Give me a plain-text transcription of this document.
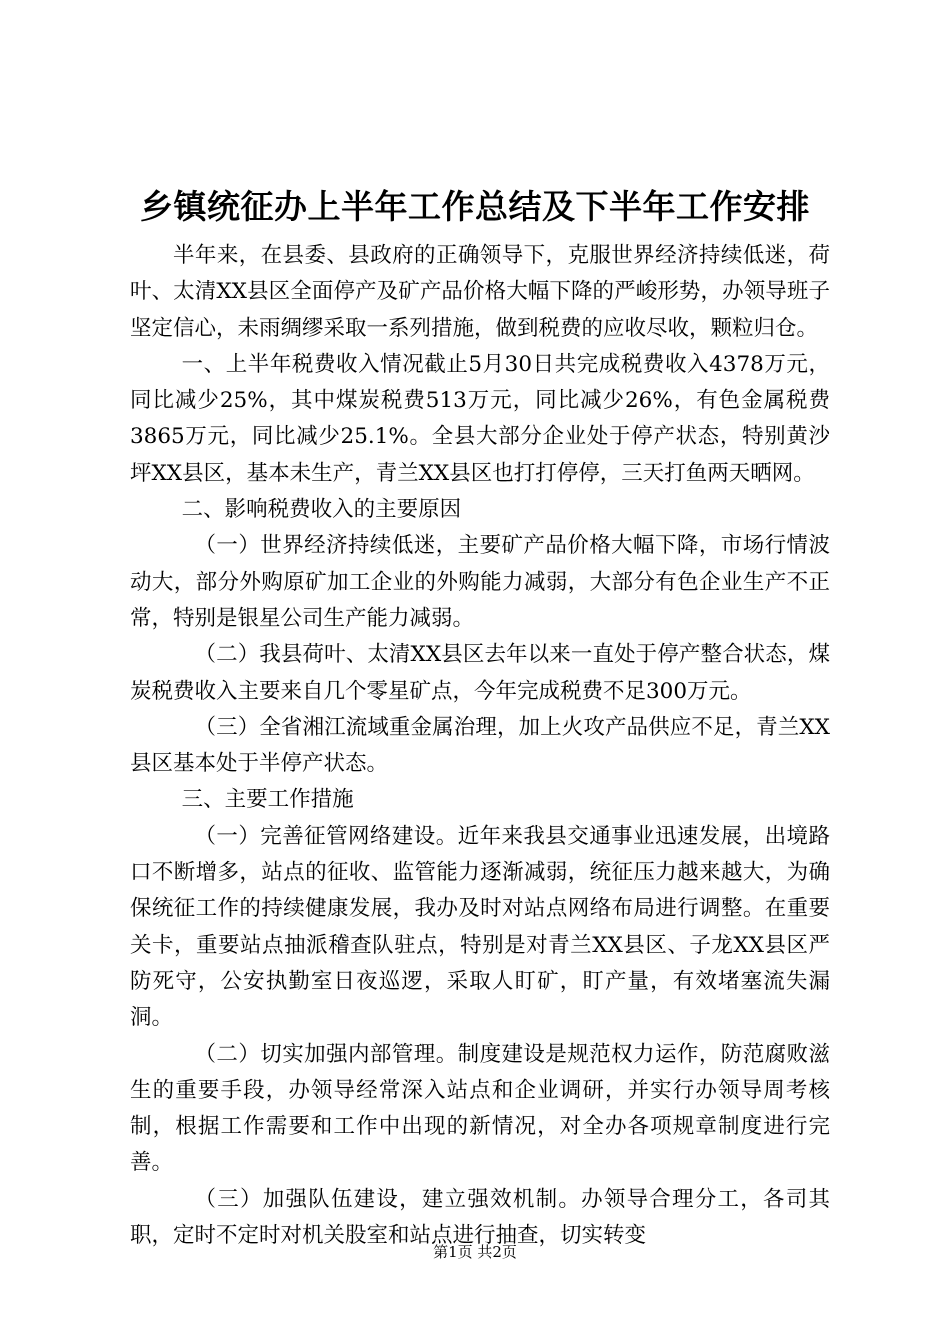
乡镇统征办上半年工作总结及下半年工作安排

半年来，在县委、县政府的正确领导下，克服世界经济持续低迷，荷叶、太清XX县区全面停产及矿产品价格大幅下降的严峻形势，办领导班子坚定信心，未雨绸缪采取一系列措施，做到税费的应收尽收，颗粒归仓。

一、上半年税费收入情况截止5月30日共完成税费收入4378万元，同比减少25%，其中煤炭税费513万元，同比减少26%，有色金属税费3865万元，同比减少25.1%。全县大部分企业处于停产状态，特别黄沙坪XX县区，基本未生产，青兰XX县区也打打停停，三天打鱼两天晒网。

二、影响税费收入的主要原因

（一）世界经济持续低迷，主要矿产品价格大幅下降，市场行情波动大，部分外购原矿加工企业的外购能力减弱，大部分有色企业生产不正常，特别是银星公司生产能力减弱。

（二）我县荷叶、太清XX县区去年以来一直处于停产整合状态，煤炭税费收入主要来自几个零星矿点，今年完成税费不足300万元。

（三）全省湘江流域重金属治理，加上火攻产品供应不足，青兰XX县区基本处于半停产状态。

三、主要工作措施

（一）完善征管网络建设。近年来我县交通事业迅速发展，出境路口不断增多，站点的征收、监管能力逐渐减弱，统征压力越来越大，为确保统征工作的持续健康发展，我办及时对站点网络布局进行调整。在重要关卡，重要站点抽派稽查队驻点，特别是对青兰XX县区、子龙XX县区严防死守，公安执勤室日夜巡逻，采取人盯矿，盯产量，有效堵塞流失漏洞。

（二）切实加强内部管理。制度建设是规范权力运作，防范腐败滋生的重要手段，办领导经常深入站点和企业调研，并实行办领导周考核制，根据工作需要和工作中出现的新情况，对全办各项规章制度进行完善。

（三）加强队伍建设，建立强效机制。办领导合理分工，各司其职，定时不定时对机关股室和站点进行抽查，切实转变

第1页 共2页
